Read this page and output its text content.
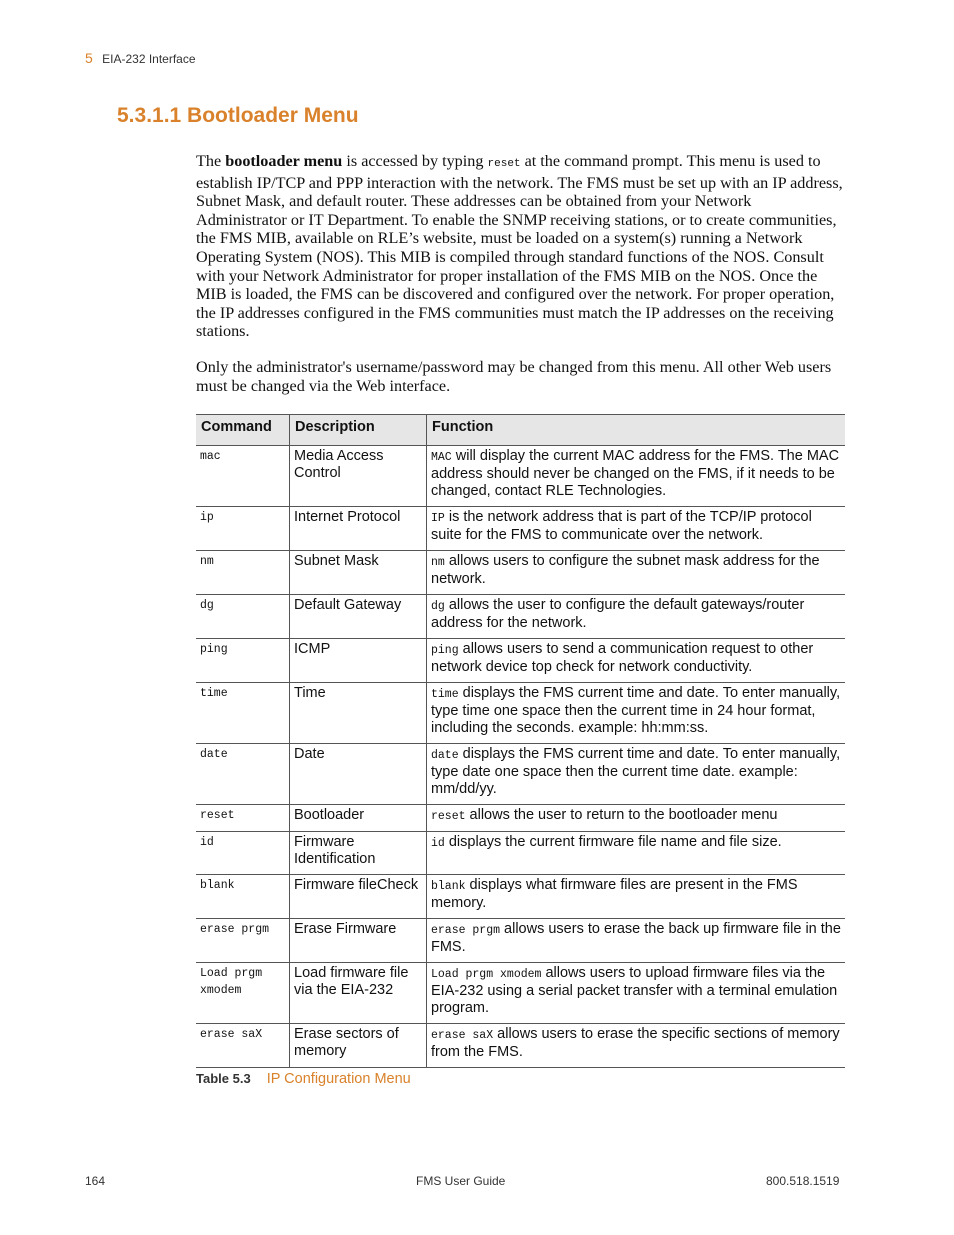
5 EIA-232 Interface
5.3.1.1 Bootloader Menu

The bootloader menu is accessed by typing reset at the command prompt. This menu is used to establish IP/TCP and PPP interaction with the network. The FMS must be set up with an IP address, Subnet Mask, and default router. These addresses can be obtained from your Network Administrator or IT Department. To enable the SNMP receiving stations, or to create communities, the FMS MIB, available on RLE’s website, must be loaded on a system(s) running a Network Operating System (NOS). This MIB is compiled through standard functions of the NOS. Consult with your Network Administrator for proper installation of the FMS MIB on the NOS. Once the MIB is loaded, the FMS can be discovered and configured over the network. For proper operation, the IP addresses configured in the FMS communities must match the IP addresses on the receiving stations.

Only the administrator's username/password may be changed from this menu. All other Web users must be changed via the Web interface.

Command	Description	Function
mac	Media Access Control	MAC will display the current MAC address for the FMS. The MAC address should never be changed on the FMS, if it needs to be changed, contact RLE Technologies.
ip	Internet Protocol	IP is the network address that is part of the TCP/IP protocol suite for the FMS to communicate over the network.
nm	Subnet Mask	nm allows users to configure the subnet mask address for the network.
dg	Default Gateway	dg allows the user to configure the default gateways/router address for the network.
ping	ICMP	ping allows users to send a communication request to other network device top check for network conductivity.
time	Time	time displays the FMS current time and date. To enter manually, type time one space then the current time in 24 hour format, including the seconds. example: hh:mm:ss.
date	Date	date displays the FMS current time and date. To enter manually, type date one space then the current time date. example: mm/dd/yy.
reset	Bootloader	reset allows the user to return to the bootloader menu
id	Firmware Identification	id displays the current firmware file name and file size.
blank	Firmware fileCheck	blank displays what firmware files are present in the FMS memory.
erase prgm	Erase Firmware	erase prgm allows users to erase the back up firmware file in the FMS.
Load prgm xmodem	Load firmware file via the EIA-232	Load prgm xmodem allows users to upload firmware files via the EIA-232 using a serial packet transfer with a terminal emulation program.
erase saX	Erase sectors of memory	erase saX allows users to erase the specific sections of memory from the FMS.
Table 5.3 IP Configuration Menu
164	FMS User Guide	800.518.1519
